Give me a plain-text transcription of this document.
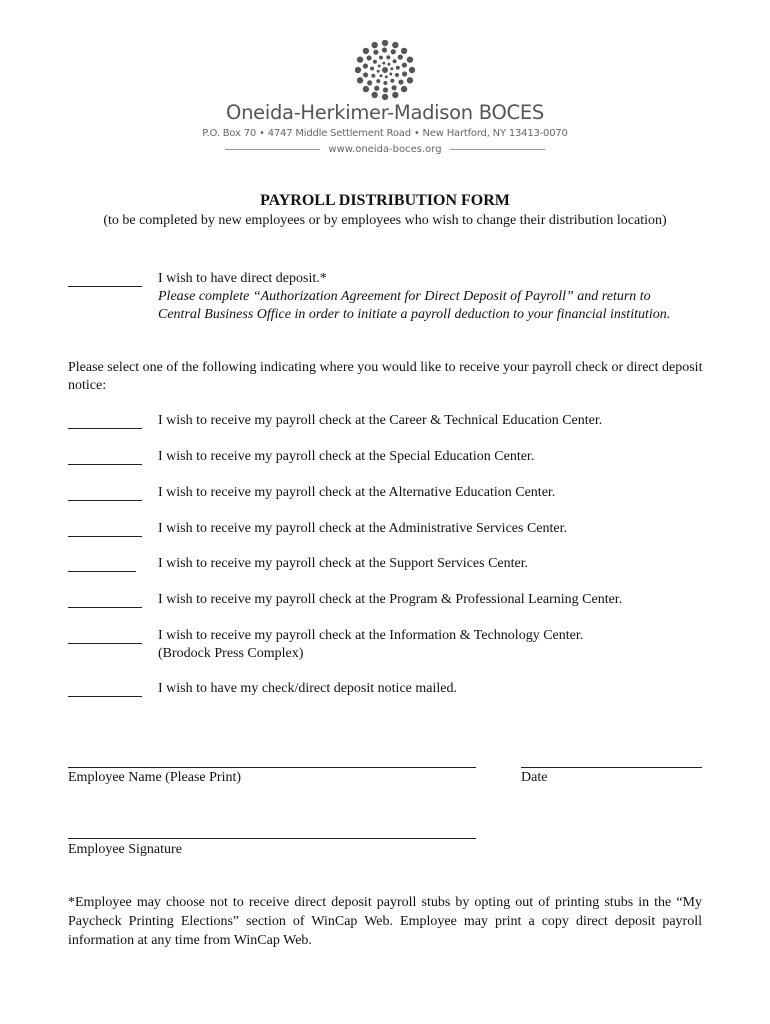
Oneida-Herkimer-Madison BOCES
P.O. Box 70 • 4747 Middle Settlement Road • New Hartford, NY 13413-0070
www.oneida-boces.org
PAYROLL DISTRIBUTION FORM
(to be completed by new employees or by employees who wish to change their distribution location)
I wish to have direct deposit.*
Please complete “Authorization Agreement for Direct Deposit of Payroll” and return to
Central Business Office in order to initiate a payroll deduction to your financial institution.
Please select one of the following indicating where you would like to receive your payroll check or direct deposit notice:
I wish to receive my payroll check at the Career & Technical Education Center.
I wish to receive my payroll check at the Special Education Center.
I wish to receive my payroll check at the Alternative Education Center.
I wish to receive my payroll check at the Administrative Services Center.
I wish to receive my payroll check at the Support Services Center.
I wish to receive my payroll check at the Program & Professional Learning Center.
I wish to receive my payroll check at the Information & Technology Center.
(Brodock Press Complex)
I wish to have my check/direct deposit notice mailed.
Employee Name (Please Print)	Date
Employee Signature
*Employee may choose not to receive direct deposit payroll stubs by opting out of printing stubs in the “My Paycheck Printing Elections” section of WinCap Web. Employee may print a copy direct deposit payroll information at any time from WinCap Web.
